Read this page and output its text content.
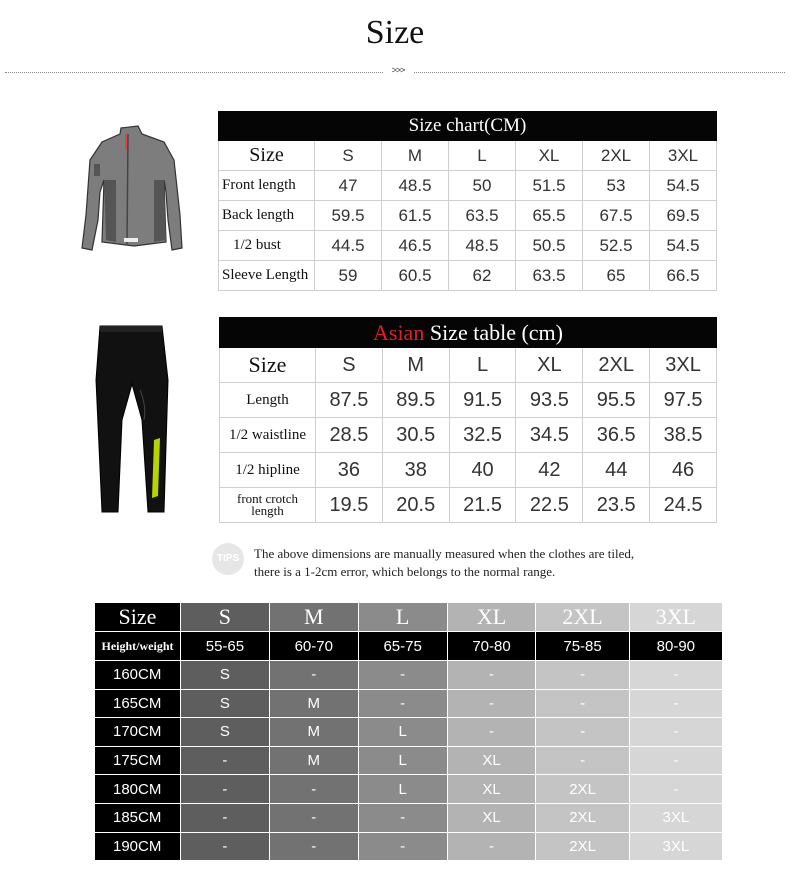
Size
>>>
Size chart(CM)						
Size	S	M	L	XL	2XL	3XL
Front length	47	48.5	50	51.5	53	54.5
Back length	59.5	61.5	63.5	65.5	67.5	69.5
1/2 bust	44.5	46.5	48.5	50.5	52.5	54.5
Sleeve Length	59	60.5	62	63.5	65	66.5
Asian Size table (cm)						
Size	S	M	L	XL	2XL	3XL
Length	87.5	89.5	91.5	93.5	95.5	97.5
1/2 waistline	28.5	30.5	32.5	34.5	36.5	38.5
1/2 hipline	36	38	40	42	44	46
front crotch length	19.5	20.5	21.5	22.5	23.5	24.5
TIPS	The above dimensions are manually measured when the clothes are tiled,
there is a 1-2cm error, which belongs to the normal range.
Size	S	M	L	XL	2XL	3XL
Height/weight	55-65	60-70	65-75	70-80	75-85	80-90
160CM	S	-	-	-	-	-
165CM	S	M	-	-	-	-
170CM	S	M	L	-	-	-
175CM	-	M	L	XL	-	-
180CM	-	-	L	XL	2XL	-
185CM	-	-	-	XL	2XL	3XL
190CM	-	-	-	-	2XL	3XL
